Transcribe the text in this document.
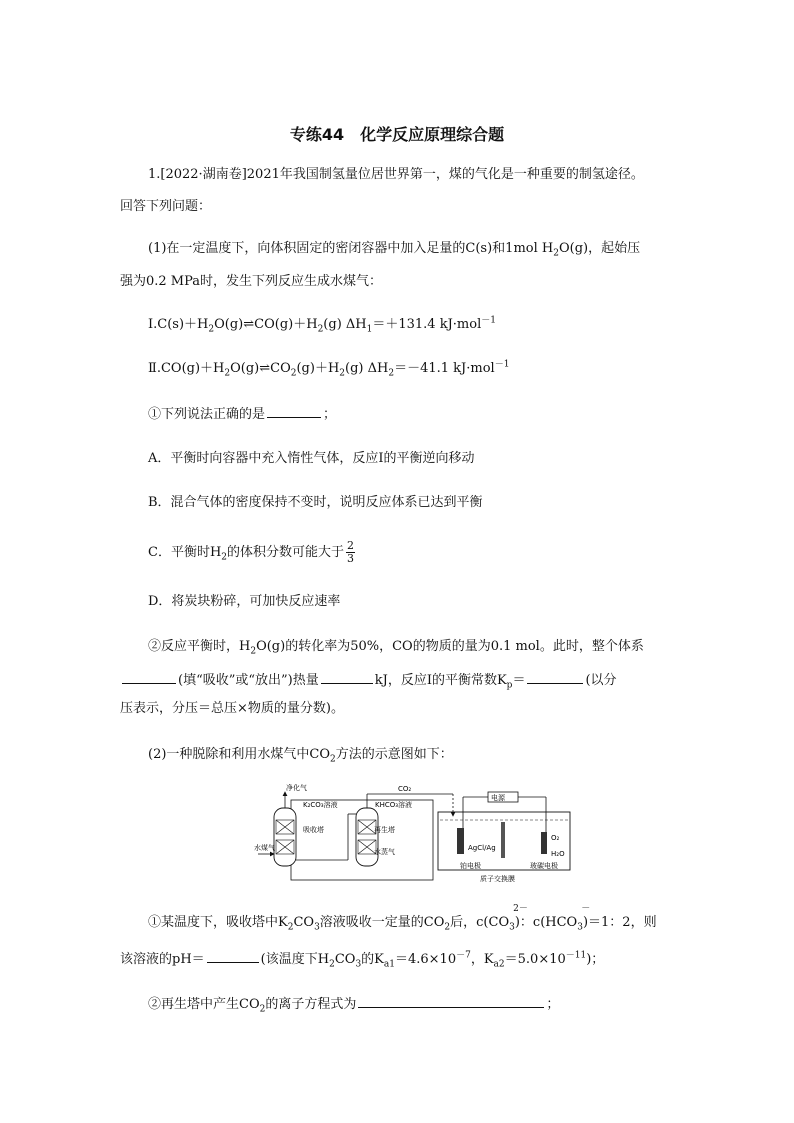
专练44　化学反应原理综合题
1.[2022·湖南卷]2021年我国制氢量位居世界第一，煤的气化是一种重要的制氢途径。
回答下列问题：
(1)在一定温度下，向体积固定的密闭容器中加入足量的C(s)和1mol $H_2O(g)$，起始压
强为0.2 MPa时，发生下列反应生成水煤气：
$Ⅰ.C(s)+H_2O(g)\rightleftharpoons CO(g)+H_2(g)$ $\Delta H_1=+131.4$ kJ·mol$^{-1}$
$Ⅱ.CO(g)+H_2O(g)\rightleftharpoons CO_2(g)+H_2(g)$ $\Delta H_2=-41.1$ kJ·mol$^{-1}$
①下列说法正确的是	；
A．平衡时向容器中充入惰性气体，反应Ⅰ的平衡逆向移动
B．混合气体的密度保持不变时，说明反应体系已达到平衡
C．平衡时$H_2$的体积分数可能大于 $\frac{2}{3}$
D．将炭块粉碎，可加快反应速率
②反应平衡时，$H_2O(g)$的转化率为50%，CO的物质的量为0.1 mol。此时，整个体系
(填“吸收”或“放出”)热量	kJ，反应Ⅰ的平衡常数$K_p=$	(以分
压表示，分压＝总压×物质的量分数)。
(2)一种脱除和利用水煤气中$CO_2$方法的示意图如下：
净化气
K₂CO₃溶液
吸收塔
水煤气
KHCO₃溶液
再生塔
水蒸气
CO₂
电源
AgCl/Ag
O₂
H₂O
铂电极	玻碳电极
质子交换膜
①某温度下，吸收塔中$K_2CO_3$溶液吸收一定量的$CO_2$后，c(CO
2－
$_3$)：c(HCO
－
$_3$)＝1：2，则
该溶液的pH＝	(该温度下$H_2CO_3$的$K_{a1}=4.6\times 10^{-7}$，$K_{a2}=5.0\times 10^{-11}$)；
②再生塔中产生$CO_2$的离子方程式为	；
